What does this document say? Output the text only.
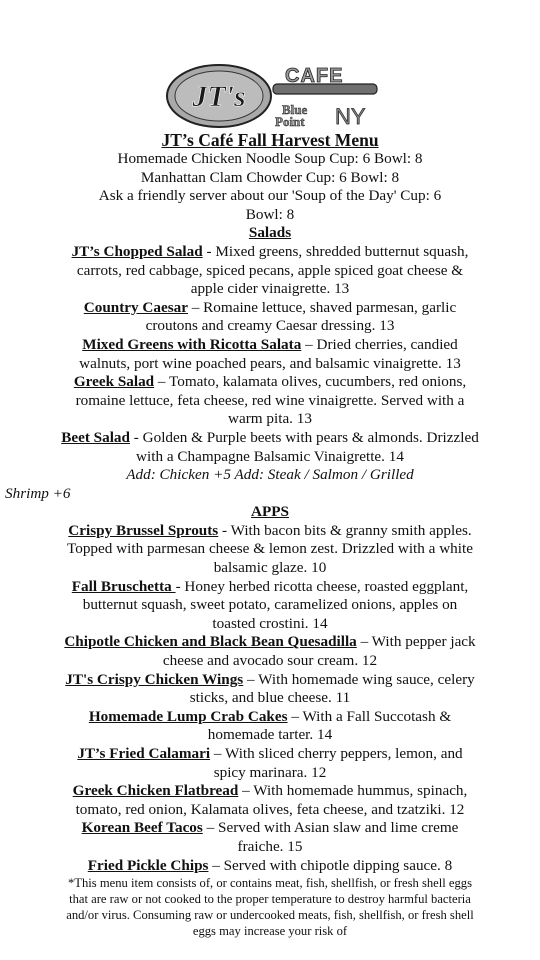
JT's
CAFE
Blue
Point NY

JT’s Café Fall Harvest Menu

Homemade Chicken Noodle Soup Cup: 6 Bowl: 8

Manhattan Clam Chowder Cup: 6 Bowl: 8

Ask a friendly server about our 'Soup of the Day' Cup: 6

Bowl: 8

Salads

JT’s Chopped Salad - Mixed greens, shredded butternut squash, carrots, red cabbage, spiced pecans, apple spiced goat cheese & apple cider vinaigrette. 13

Country Caesar – Romaine lettuce, shaved parmesan, garlic croutons and creamy Caesar dressing. 13

Mixed Greens with Ricotta Salata – Dried cherries, candied walnuts, port wine poached pears, and balsamic vinaigrette. 13

Greek Salad – Tomato, kalamata olives, cucumbers, red onions, romaine lettuce, feta cheese, red wine vinaigrette. Served with a warm pita. 13

Beet Salad - Golden & Purple beets with pears & almonds. Drizzled with a Champagne Balsamic Vinaigrette. 14

Add: Chicken +5 Add: Steak / Salmon / Grilled

Shrimp +6

APPS

Crispy Brussel Sprouts - With bacon bits & granny smith apples. Topped with parmesan cheese & lemon zest. Drizzled with a white balsamic glaze. 10

Fall Bruschetta - Honey herbed ricotta cheese, roasted eggplant, butternut squash, sweet potato, caramelized onions, apples on toasted crostini. 14

Chipotle Chicken and Black Bean Quesadilla – With pepper jack cheese and avocado sour cream. 12

JT's Crispy Chicken Wings – With homemade wing sauce, celery sticks, and blue cheese. 11

Homemade Lump Crab Cakes – With a Fall Succotash & homemade tarter. 14

JT’s Fried Calamari – With sliced cherry peppers, lemon, and spicy marinara. 12

Greek Chicken Flatbread – With homemade hummus, spinach, tomato, red onion, Kalamata olives, feta cheese, and tzatziki. 12

Korean Beef Tacos – Served with Asian slaw and lime creme fraiche. 15

Fried Pickle Chips – Served with chipotle dipping sauce. 8

*This menu item consists of, or contains meat, fish, shellfish, or fresh shell eggs that are raw or not cooked to the proper temperature to destroy harmful bacteria and/or virus. Consuming raw or undercooked meats, fish, shellfish, or fresh shell eggs may increase your risk of
